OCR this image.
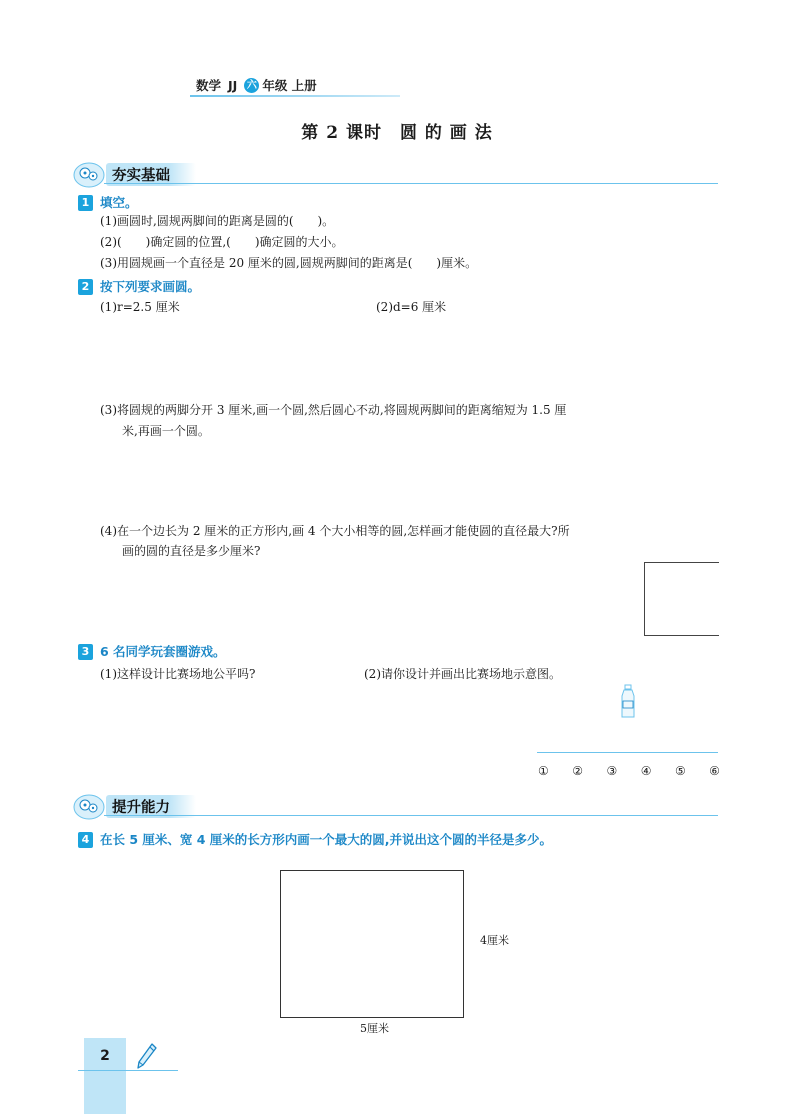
数学 JJ 六 年级 上册
第 2 课时　圆 的 画 法
夯实基础
1 填空。
(1)画圆时,圆规两脚间的距离是圆的(　　)。
(2)(　　)确定圆的位置,(　　)确定圆的大小。
(3)用圆规画一个直径是 20 厘米的圆,圆规两脚间的距离是(　　)厘米。
2 按下列要求画圆。
(1)r=2.5 厘米	(2)d=6 厘米
(3)将圆规的两脚分开 3 厘米,画一个圆,然后圆心不动,将圆规两脚间的距离缩短为 1.5 厘
米,再画一个圆。
(4)在一个边长为 2 厘米的正方形内,画 4 个大小相等的圆,怎样画才能使圆的直径最大?所
画的圆的直径是多少厘米?
3 6 名同学玩套圈游戏。
(1)这样设计比赛场地公平吗?	(2)请你设计并画出比赛场地示意图。
① ② ③ ④ ⑤ ⑥
提升能力
4 在长 5 厘米、宽 4 厘米的长方形内画一个最大的圆,并说出这个圆的半径是多少。
4厘米
5厘米
2
